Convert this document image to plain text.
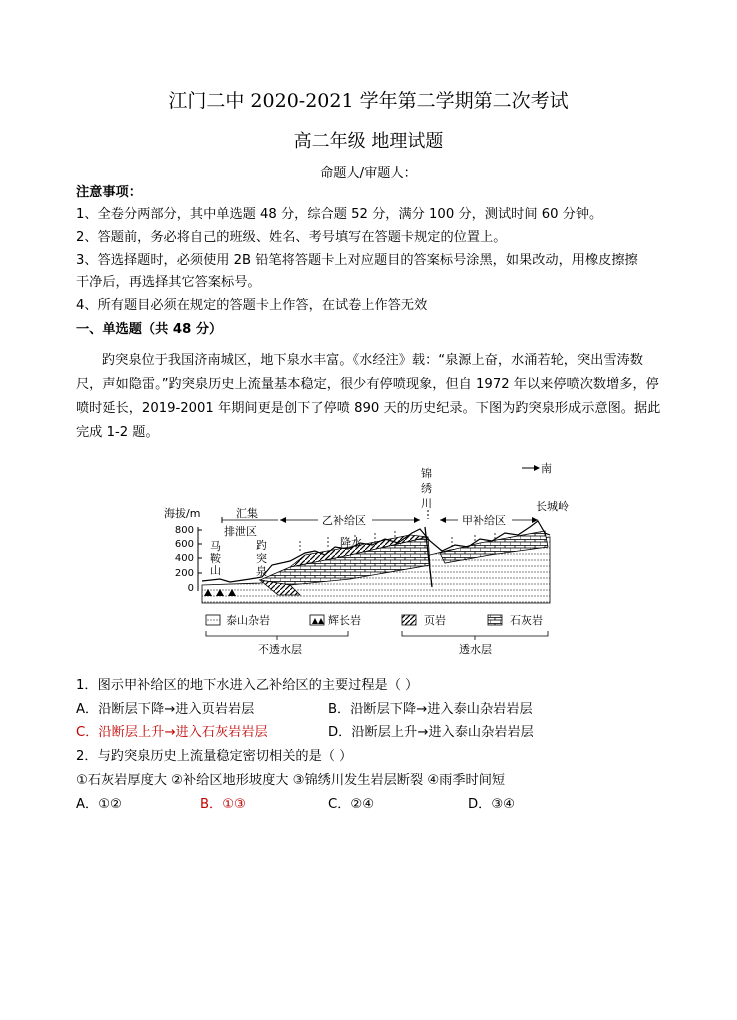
江门二中 2020-2021 学年第二学期第二次考试
高二年级 地理试题
命题人/审题人：
注意事项：
1、全卷分两部分，其中单选题 48 分，综合题 52 分，满分 100 分，测试时间 60 分钟。
2、答题前，务必将自己的班级、姓名、考号填写在答题卡规定的位置上。
3、答选择题时，必须使用 2B 铅笔将答题卡上对应题目的答案标号涂黑，如果改动，用橡皮擦擦
干净后，再选择其它答案标号。
4、所有题目必须在规定的答题卡上作答，在试卷上作答无效
一、单选题（共 48 分）
趵突泉位于我国济南城区，地下泉水丰富。《水经注》载：“泉源上奋，水涌若轮，突出雪涛数尺，声如隐雷。”趵突泉历史上流量基本稳定，很少有停喷现象，但自 1972 年以来停喷次数增多，停喷时延长，2019-2001 年期间更是创下了停喷 890 天的历史纪录。下图为趵突泉形成示意图。据此完成 1-2 题。
海拔/m
800
600
400
200
0
南
锦
绣
川	长城岭
汇集
排泄区
乙补给区	甲补给区
降水
马
鞍
山
趵
突
泉
泰山杂岩	辉长岩	页岩	石灰岩
不透水层	透水层
1．图示甲补给区的地下水进入乙补给区的主要过程是（ ）
A．沿断层下降→进入页岩岩层	B．沿断层下降→进入泰山杂岩岩层
C．沿断层上升→进入石灰岩岩层	D．沿断层上升→进入泰山杂岩岩层
2．与趵突泉历史上流量稳定密切相关的是（ ）
①石灰岩厚度大 ②补给区地形坡度大 ③锦绣川发生岩层断裂 ④雨季时间短
A．①②	B．①③	C．②④	D．③④
